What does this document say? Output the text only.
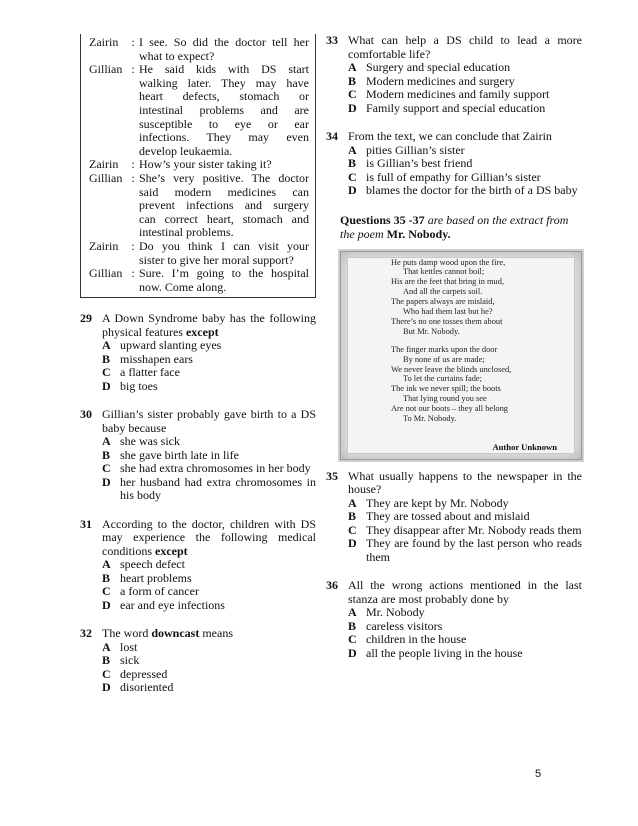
Zairin	: I see. So did the doctor tell her
what to expect?
Gillian : He said kids with DS start
walking later. They may have
heart defects, stomach or
intestinal problems and are
susceptible to eye or ear
infections. They may even
develop leukaemia.
Zairin	: How’s your sister taking it?
Gillian : She’s very positive. The doctor
said modern medicines can
prevent infections and surgery
can correct heart, stomach and
intestinal problems.
Zairin	: Do you think I can visit your
sister to give her moral support?
Gillian : Sure. I’m going to the hospital
now. Come along.
29 A Down Syndrome baby has the following physical features except
A upward slanting eyes
B misshapen ears
C a flatter face
D big toes
30 Gillian’s sister probably gave birth to a DS baby because
A she was sick
B she gave birth late in life
C she had extra chromosomes in her body
D her husband had extra chromosomes in his body
31 According to the doctor, children with DS may experience the following medical conditions except
A speech defect
B heart problems
C a form of cancer
D ear and eye infections
32 The word downcast means
A lost
B sick
C depressed
D disoriented
33 What can help a DS child to lead a more comfortable life?
A Surgery and special education
B Modern medicines and surgery
C Modern medicines and family support
D Family support and special education
34 From the text, we can conclude that Zairin
A pities Gillian’s sister
B is Gillian’s best friend
C is full of empathy for Gillian’s sister
D blames the doctor for the birth of a DS baby
Questions 35 -37 are based on the extract from the poem Mr. Nobody.
He puts damp wood upon the fire,
That kettles cannot boil;
His are the feet that bring in mud,
And all the carpets soil.
The papers always are mislaid,
Who had them last but he?
There’s no one tosses them about
But Mr. Nobody.
The finger marks upon the door
By none of us are made;
We never leave the blinds unclosed,
To let the curtains fade;
The ink we never spill; the boots
That lying round you see
Are not our boots – they all belong
To Mr. Nobody.
Author Unknown
35 What usually happens to the newspaper in the house?
A They are kept by Mr. Nobody
B They are tossed about and mislaid
C They disappear after Mr. Nobody reads them
D They are found by the last person who reads them
36 All the wrong actions mentioned in the last stanza are most probably done by
A Mr. Nobody
B careless visitors
C children in the house
D all the people living in the house
5
